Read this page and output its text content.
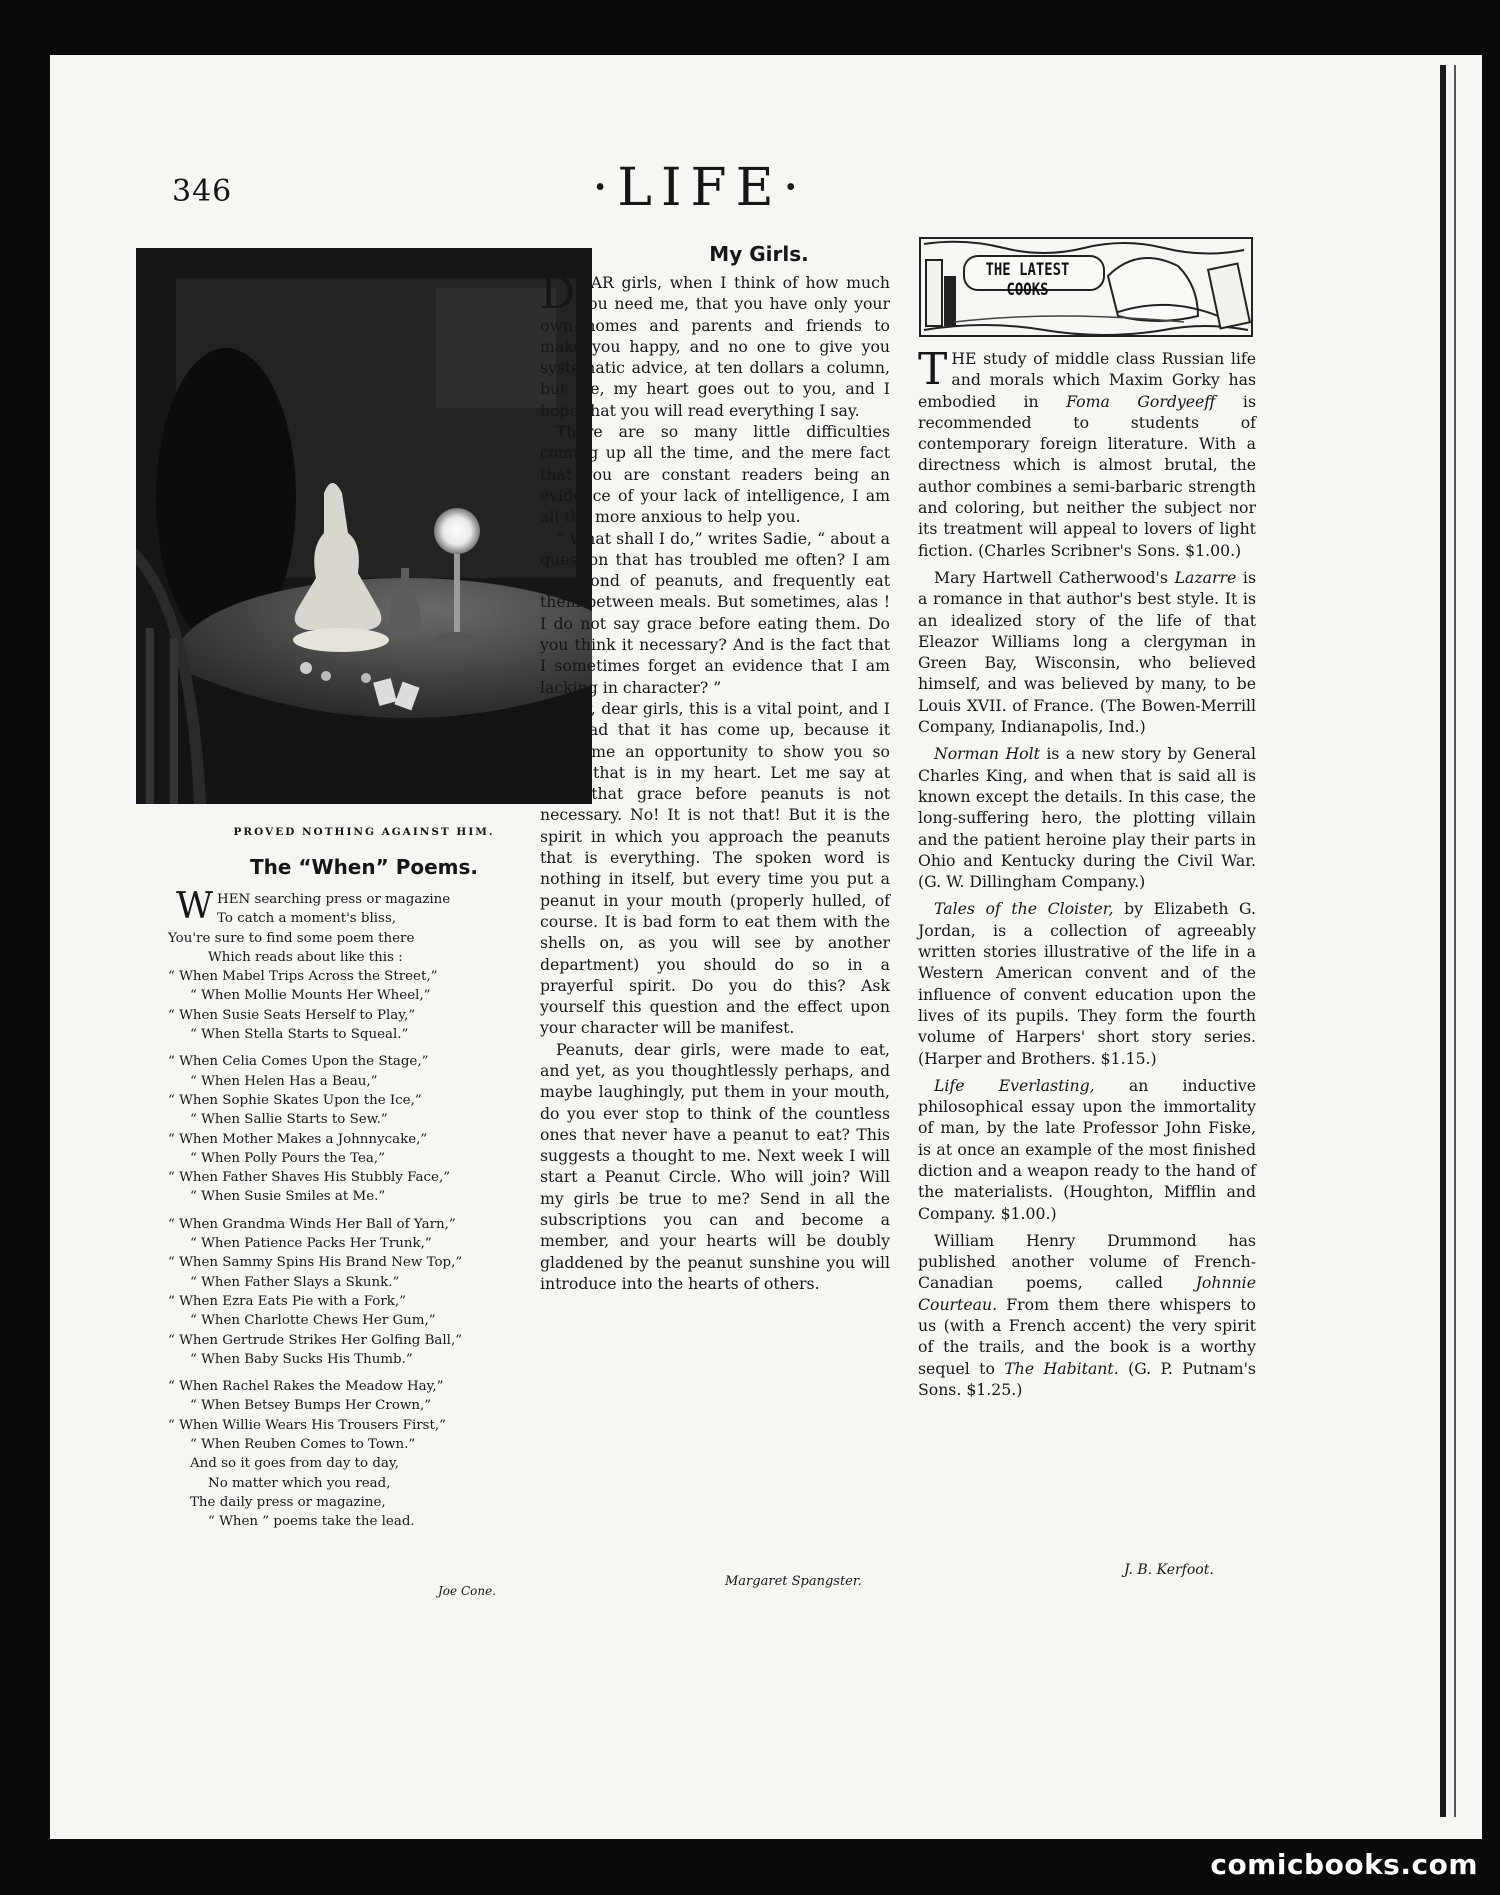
346	·LIFE·
PROVED NOTHING AGAINST HIM.
The “When” Poems.
WHEN searching press or magazine
To catch a moment's bliss,
You're sure to find some poem there
Which reads about like this :
“ When Mabel Trips Across the Street,”
“ When Mollie Mounts Her Wheel,”
“ When Susie Seats Herself to Play,”
“ When Stella Starts to Squeal.”
“ When Celia Comes Upon the Stage,”
“ When Helen Has a Beau,”
“ When Sophie Skates Upon the Ice,”
“ When Sallie Starts to Sew.”
“ When Mother Makes a Johnnycake,”
“ When Polly Pours the Tea,”
“ When Father Shaves His Stubbly Face,”
“ When Susie Smiles at Me.”
“ When Grandma Winds Her Ball of Yarn,”
“ When Patience Packs Her Trunk,”
“ When Sammy Spins His Brand New Top,”
“ When Father Slays a Skunk.”
“ When Ezra Eats Pie with a Fork,”
“ When Charlotte Chews Her Gum,”
“ When Gertrude Strikes Her Golfing Ball,”
“ When Baby Sucks His Thumb.”
“ When Rachel Rakes the Meadow Hay,”
“ When Betsey Bumps Her Crown,”
“ When Willie Wears His Trousers First,”
“ When Reuben Comes to Town.”
And so it goes from day to day,
No matter which you read,
The daily press or magazine,
“ When ” poems take the lead.
Joe Cone.
My Girls.

DEAR girls, when I think of how much you need me, that you have only your own homes and parents and friends to make you happy, and no one to give you systematic advice, at ten dollars a column, but me, my heart goes out to you, and I hope that you will read everything I say.

There are so many little difficulties coming up all the time, and the mere fact that you are constant readers being an evidence of your lack of intelligence, I am all the more anxious to help you.

“ What shall I do,” writes Sadie, “ about a question that has troubled me often? I am very fond of peanuts, and frequently eat them between meals. But sometimes, alas ! I do not say grace before eating them. Do you think it necessary? And is the fact that I sometimes forget an evidence that I am lacking in character? ”

Now, dear girls, this is a vital point, and I am glad that it has come up, because it gives me an opportunity to show you so much that is in my heart. Let me say at once that grace before peanuts is not necessary. No! It is not that! But it is the spirit in which you approach the peanuts that is everything. The spoken word is nothing in itself, but every time you put a peanut in your mouth (properly hulled, of course. It is bad form to eat them with the shells on, as you will see by another department) you should do so in a prayerful spirit. Do you do this? Ask yourself this question and the effect upon your character will be manifest.

Peanuts, dear girls, were made to eat, and yet, as you thoughtlessly perhaps, and maybe laughingly, put them in your mouth, do you ever stop to think of the countless ones that never have a peanut to eat? This suggests a thought to me. Next week I will start a Peanut Circle. Who will join? Will my girls be true to me? Send in all the subscriptions you can and become a member, and your hearts will be doubly gladdened by the peanut sunshine you will introduce into the hearts of others.

Margaret Spangster.
THE LATEST COOKS

THE study of middle class Russian life and morals which Maxim Gorky has embodied in Foma Gordyeeff is recommended to students of contemporary foreign literature. With a directness which is almost brutal, the author combines a semi-barbaric strength and coloring, but neither the subject nor its treatment will appeal to lovers of light fiction. (Charles Scribner's Sons. $1.00.)

Mary Hartwell Catherwood's Lazarre is a romance in that author's best style. It is an idealized story of the life of that Eleazor Williams long a clergyman in Green Bay, Wisconsin, who believed himself, and was believed by many, to be Louis XVII. of France. (The Bowen-Merrill Company, Indianapolis, Ind.)

Norman Holt is a new story by General Charles King, and when that is said all is known except the details. In this case, the long-suffering hero, the plotting villain and the patient heroine play their parts in Ohio and Kentucky during the Civil War. (G. W. Dillingham Company.)

Tales of the Cloister, by Elizabeth G. Jordan, is a collection of agreeably written stories illustrative of the life in a Western American convent and of the influence of convent education upon the lives of its pupils. They form the fourth volume of Harpers' short story series. (Harper and Brothers. $1.15.)

Life Everlasting, an inductive philosophical essay upon the immortality of man, by the late Professor John Fiske, is at once an example of the most finished diction and a weapon ready to the hand of the materialists. (Houghton, Mifflin and Company. $1.00.)

William Henry Drummond has published another volume of French-Canadian poems, called Johnnie Courteau. From them there whispers to us (with a French accent) the very spirit of the trails, and the book is a worthy sequel to The Habitant. (G. P. Putnam's Sons. $1.25.)

J. B. Kerfoot.
comicbooks.com
